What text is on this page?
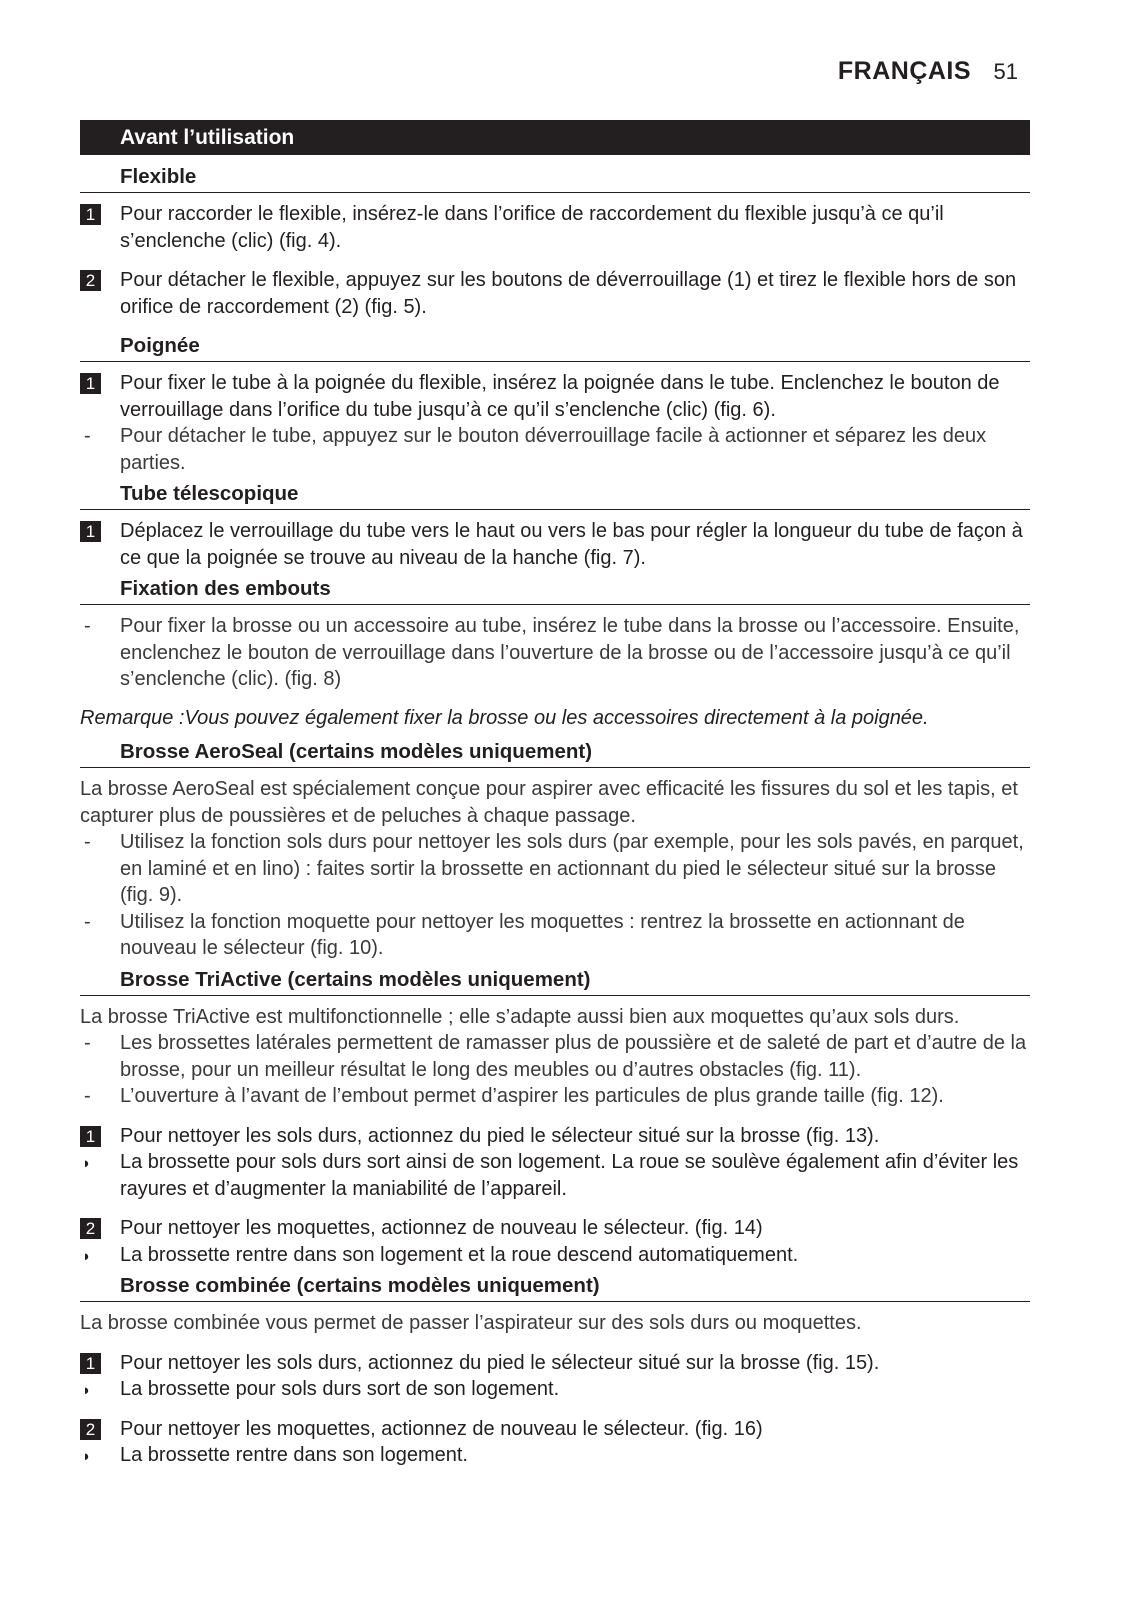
FRANÇAIS 51
Avant l’utilisation
Flexible
1 Pour raccorder le flexible, insérez-le dans l’orifice de raccordement du flexible jusqu’à ce qu’il s’enclenche (clic) (fig. 4).
2 Pour détacher le flexible, appuyez sur les boutons de déverrouillage (1) et tirez le flexible hors de son orifice de raccordement (2) (fig. 5).
Poignée
1 Pour fixer le tube à la poignée du flexible, insérez la poignée dans le tube. Enclenchez le bouton de verrouillage dans l’orifice du tube jusqu’à ce qu’il s’enclenche (clic) (fig. 6).
-	Pour détacher le tube, appuyez sur le bouton déverrouillage facile à actionner et séparez les deux parties.
Tube télescopique
1 Déplacez le verrouillage du tube vers le haut ou vers le bas pour régler la longueur du tube de façon à ce que la poignée se trouve au niveau de la hanche (fig. 7).
Fixation des embouts
-	Pour fixer la brosse ou un accessoire au tube, insérez le tube dans la brosse ou l’accessoire. Ensuite, enclenchez le bouton de verrouillage dans l’ouverture de la brosse ou de l’accessoire jusqu’à ce qu’il s’enclenche (clic). (fig. 8)
Remarque :Vous pouvez également fixer la brosse ou les accessoires directement à la poignée.
Brosse AeroSeal (certains modèles uniquement)
La brosse AeroSeal est spécialement conçue pour aspirer avec efficacité les fissures du sol et les tapis, et capturer plus de poussières et de peluches à chaque passage.
-	Utilisez la fonction sols durs pour nettoyer les sols durs (par exemple, pour les sols pavés, en parquet, en laminé et en lino) : faites sortir la brossette en actionnant du pied le sélecteur situé sur la brosse (fig. 9).
-	Utilisez la fonction moquette pour nettoyer les moquettes : rentrez la brossette en actionnant de nouveau le sélecteur (fig. 10).
Brosse TriActive (certains modèles uniquement)
La brosse TriActive est multifonctionnelle ; elle s’adapte aussi bien aux moquettes qu’aux sols durs.
-	Les brossettes latérales permettent de ramasser plus de poussière et de saleté de part et d’autre de la brosse, pour un meilleur résultat le long des meubles ou d’autres obstacles (fig. 11).
-	L’ouverture à l’avant de l’embout permet d’aspirer les particules de plus grande taille (fig. 12).
1 Pour nettoyer les sols durs, actionnez du pied le sélecteur situé sur la brosse (fig. 13).
◗	La brossette pour sols durs sort ainsi de son logement. La roue se soulève également afin d’éviter les rayures et d’augmenter la maniabilité de l’appareil.
2 Pour nettoyer les moquettes, actionnez de nouveau le sélecteur. (fig. 14)
◗	La brossette rentre dans son logement et la roue descend automatiquement.
Brosse combinée (certains modèles uniquement)
La brosse combinée vous permet de passer l’aspirateur sur des sols durs ou moquettes.
1 Pour nettoyer les sols durs, actionnez du pied le sélecteur situé sur la brosse (fig. 15).
◗	La brossette pour sols durs sort de son logement.
2 Pour nettoyer les moquettes, actionnez de nouveau le sélecteur. (fig. 16)
◗	La brossette rentre dans son logement.
